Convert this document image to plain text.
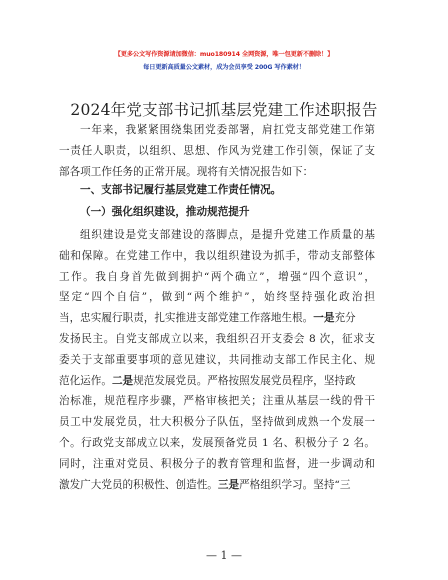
【更多公文写作资源请加微信：muo180914 全网资源，唯一包更新不删除！】
每日更新高质量公文素材，成为会员享受 200G 写作素材！
2024年党支部书记抓基层党建工作述职报告
一年来，我紧紧围绕集团党委部署，肩扛党支部党建工作第
一责任人职责，以组织、思想、作风为党建工作引领，保证了支
部各项工作任务的正常开展。现将有关情况报告如下：
一、支部书记履行基层党建工作责任情况。
（一）强化组织建设，推动规范提升
组织建设是党支部建设的落脚点，是提升党建工作质量的基
础和保障。在党建工作中，我以组织建设为抓手，带动支部整体
工作。我自身首先做到拥护“两个确立”，增强“四个意识”，
坚定“四个自信”，做到“两个维护”，始终坚持强化政治担
当，忠实履行职责，扎实推进支部党建工作落地生根。一是充分
发扬民主。自党支部成立以来，我组织召开支委会 8 次，征求支
委关于支部重要事项的意见建议，共同推动支部工作民主化、规
范化运作。二是规范发展党员。严格按照发展党员程序，坚持政
治标准，规范程序步骤，严格审核把关；注重从基层一线的骨干
员工中发展党员，壮大积极分子队伍，坚持做到成熟一个发展一
个。行政党支部成立以来，发展预备党员 1 名、积极分子 2 名。
同时，注重对党员、积极分子的教育管理和监督，进一步调动和
激发广大党员的积极性、创造性。三是严格组织学习。坚持“三
— 1 —
